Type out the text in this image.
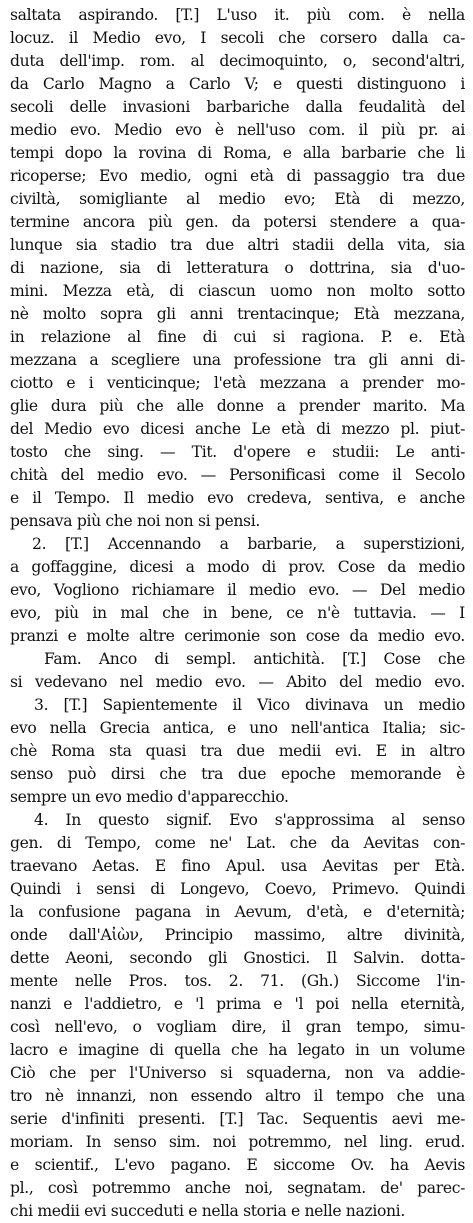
saltata aspirando. [T.] L'uso it. più com. è nella
locuz. il Medio evo, I secoli che corsero dalla ca-
duta dell'imp. rom. al decimoquinto, o, second'altri,
da Carlo Magno a Carlo V; e questi distinguono i
secoli delle invasioni barbariche dalla feudalità del
medio evo. Medio evo è nell'uso com. il più pr. ai
tempi dopo la rovina di Roma, e alla barbarie che li
ricoperse; Evo medio, ogni età di passaggio tra due
civiltà, somigliante al medio evo; Età di mezzo,
termine ancora più gen. da potersi stendere a qua-
lunque sia stadio tra due altri stadii della vita, sia
di nazione, sia di letteratura o dottrina, sia d'uo-
mini. Mezza età, di ciascun uomo non molto sotto
nè molto sopra gli anni trentacinque; Età mezzana,
in relazione al fine di cui si ragiona. P. e. Età
mezzana a scegliere una professione tra gli anni di-
ciotto e i venticinque; l'età mezzana a prender mo-
glie dura più che alle donne a prender marito. Ma
del Medio evo dicesi anche Le età di mezzo pl. piut-
tosto che sing. — Tit. d'opere e studii: Le anti-
chità del medio evo. — Personificasi come il Secolo
e il Tempo. Il medio evo credeva, sentiva, e anche
pensava più che noi non si pensi.
2. [T.] Accennando a barbarie, a superstizioni,
a goffaggine, dicesi a modo di prov. Cose da medio
evo, Vogliono richiamare il medio evo. — Del medio
evo, più in mal che in bene, ce n'è tuttavia. — I
pranzi e molte altre cerimonie son cose da medio evo.
Fam. Anco di sempl. antichità. [T.] Cose che
si vedevano nel medio evo. — Abito del medio evo.
3. [T.] Sapientemente il Vico divinava un medio
evo nella Grecia antica, e uno nell'antica Italia; sic-
chè Roma sta quasi tra due medii evi. E in altro
senso può dirsi che tra due epoche memorande è
sempre un evo medio d'apparecchio.
4. In questo signif. Evo s'approssima al senso
gen. di Tempo, come ne' Lat. che da Aevitas con-
traevano Aetas. E fino Apul. usa Aevitas per Età.
Quindi i sensi di Longevo, Coevo, Primevo. Quindi
la confusione pagana in Aevum, d'età, e d'eternità;
onde dall'Αἰὼν, Principio massimo, altre divinità,
dette Aeoni, secondo gli Gnostici. Il Salvin. dotta-
mente nelle Pros. tos. 2. 71. (Gh.) Siccome l'in-
nanzi e l'addietro, e 'l prima e 'l poi nella eternità,
così nell'evo, o vogliam dire, il gran tempo, simu-
lacro e imagine di quella che ha legato in un volume
Ciò che per l'Universo si squaderna, non va addie-
tro nè innanzi, non essendo altro il tempo che una
serie d'infiniti presenti. [T.] Tac. Sequentis aevi me-
moriam. In senso sim. noi potremmo, nel ling. erud.
e scientif., L'evo pagano. E siccome Ov. ha Aevis
pl., così potremmo anche noi, segnatam. de' parec-
chi medii evi succeduti e nella storia e nelle nazioni.
